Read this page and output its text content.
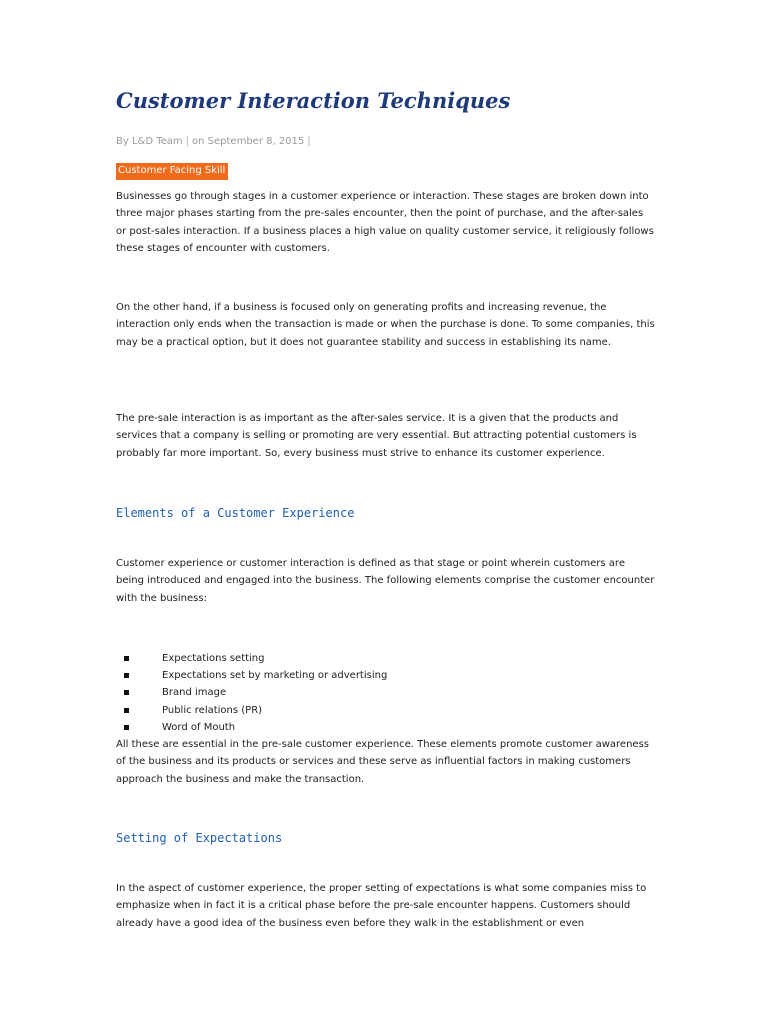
Customer Interaction Techniques
By L&D Team | on September 8, 2015 |
Customer Facing Skill

Businesses go through stages in a customer experience or interaction. These stages are broken down into three major phases starting from the pre-sales encounter, then the point of purchase, and the after-sales or post-sales interaction. If a business places a high value on quality customer service, it religiously follows these stages of encounter with customers.

On the other hand, if a business is focused only on generating profits and increasing revenue, the interaction only ends when the transaction is made or when the purchase is done. To some companies, this may be a practical option, but it does not guarantee stability and success in establishing its name.

The pre-sale interaction is as important as the after-sales service. It is a given that the products and services that a company is selling or promoting are very essential. But attracting potential customers is probably far more important. So, every business must strive to enhance its customer experience.

Elements of a Customer Experience

Customer experience or customer interaction is defined as that stage or point wherein customers are being introduced and engaged into the business. The following elements comprise the customer encounter with the business:

Expectations setting
Expectations set by marketing or advertising
Brand image
Public relations (PR)
Word of Mouth

All these are essential in the pre-sale customer experience. These elements promote customer awareness of the business and its products or services and these serve as influential factors in making customers approach the business and make the transaction.

Setting of Expectations

In the aspect of customer experience, the proper setting of expectations is what some companies miss to emphasize when in fact it is a critical phase before the pre-sale encounter happens. Customers should already have a good idea of the business even before they walk in the establishment or even
